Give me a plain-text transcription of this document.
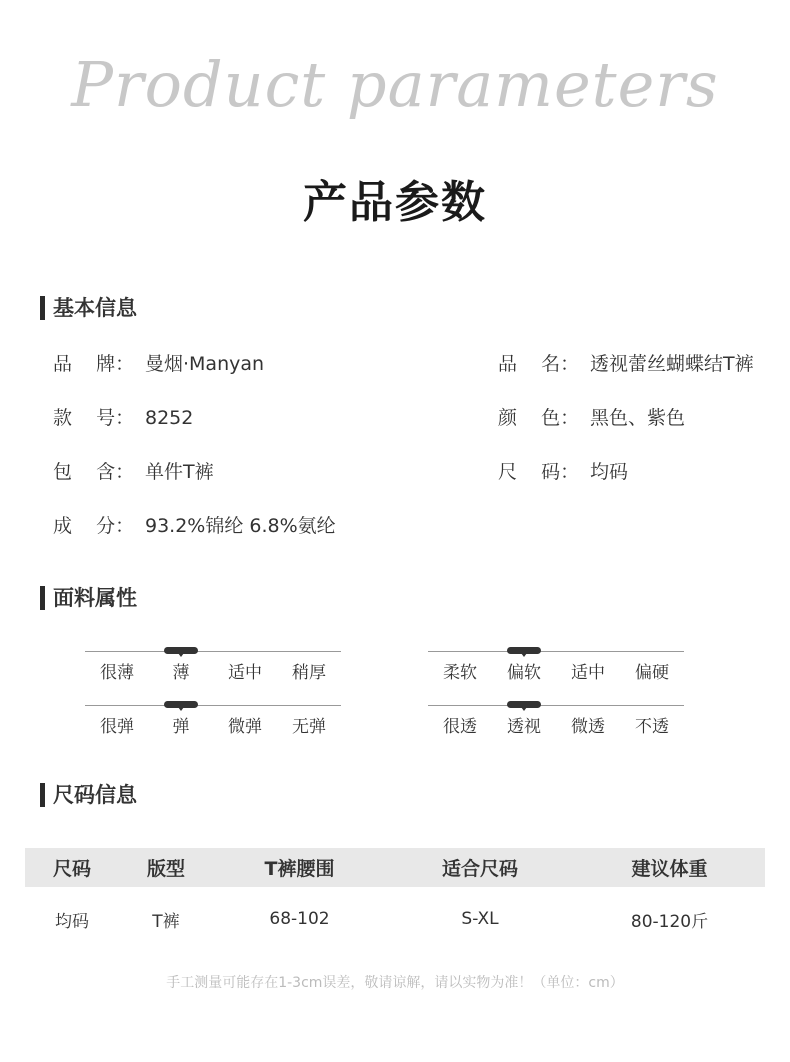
Product parameters
产品参数
基本信息
品    牌： 曼烟·Manyan	品    名： 透视蕾丝蝴蝶结T裤
款    号： 8252	颜    色： 黑色、紫色
包    含： 单件T裤	尺    码： 均码
成    分： 93.2%锦纶 6.8%氨纶
面料属性
很薄	薄	适中	稍厚	柔软	偏软	适中	偏硬
很弹	弹	微弹	无弹	很透	透视	微透	不透
尺码信息
尺码	版型	T裤腰围	适合尺码	建议体重
均码	T裤	68-102	S-XL	80-120斤
手工测量可能存在1-3cm误差，敬请谅解，请以实物为准！（单位：cm）
